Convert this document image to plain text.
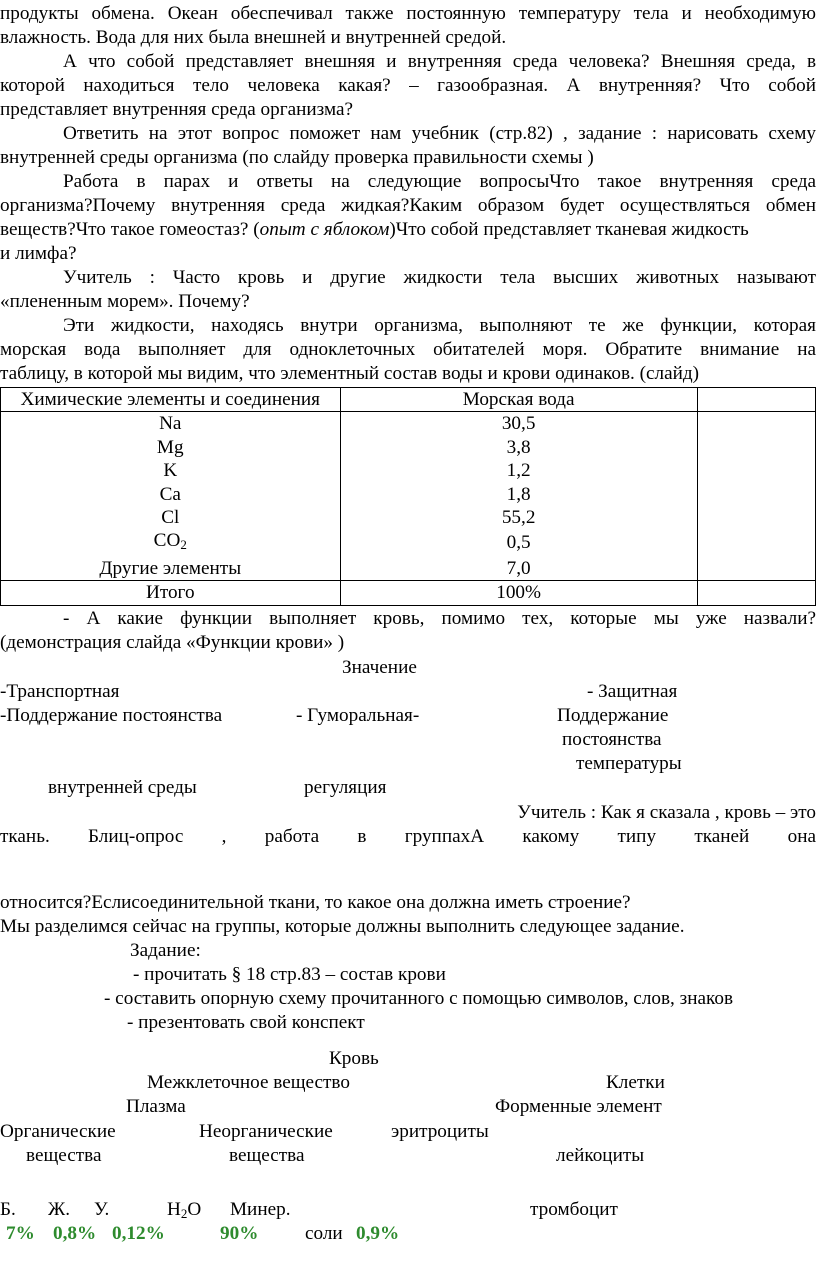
продукты обмена. Океан обеспечивал также постоянную температуру тела и необходимую
влажность. Вода для них была внешней и внутренней средой.
А что собой представляет внешняя и внутренняя среда человека? Внешняя среда, в
которой находиться тело человека какая? – газообразная. А внутренняя? Что собой
представляет внутренняя среда организма?
Ответить на этот вопрос поможет нам учебник (стр.82) , задание : нарисовать схему
внутренней среды организма (по слайду проверка правильности схемы )
Работа в парах и ответы на следующие вопросыЧто такое внутренняя среда
организма?Почему внутренняя среда жидкая?Каким образом будет осуществляться обмен
веществ?Что такое гомеостаз? (опыт с яблоком)Что собой представляет тканевая жидкость
и лимфа?
Учитель : Часто кровь и другие жидкости тела высших животных называют
«плененным морем». Почему?
Эти жидкости, находясь внутри организма, выполняют те же функции, которая
морская вода выполняет для одноклеточных обитателей моря. Обратите внимание на
таблицу, в которой мы видим, что элементный состав воды и крови одинаков. (слайд)
Химические элементы и соединения	Морская вода	
Na	30,5	
Mg	3,8	
K	1,2	
Ca	1,8	
Cl	55,2	
$CO_2$	0,5	
Другие элементы	7,0	
Итого	100%	
- А какие функции выполняет кровь, помимо тех, которые мы уже назвали?
(демонстрация слайда «Функции крови» )
Значение
-Транспортная	- Защитная
-Поддержание постоянства	- Гуморальная-	Поддержание
постоянства
температуры
внутренней среды	регуляция
Учитель : Как я сказала , кровь – это
ткань. Блиц-опрос , работа в группахА какому типу тканей она
относится?Еслисоединительной ткани, то какое она должна иметь строение?
Мы разделимся сейчас на группы, которые должны выполнить следующее задание.
Задание:
- прочитать § 18 стр.83 – состав крови
- составить опорную схему прочитанного с помощью символов, слов, знаков
- презентовать свой конспект
Кровь
Межклеточное вещество	Клетки
Плазма	Форменные элемент
Органические	Неорганические	эритроциты
вещества	вещества	лейкоциты
Б. Ж. У.	$H_2O$ Минер.	тромбоцит
7% 0,8% 0,12%	90% соли 0,9%
